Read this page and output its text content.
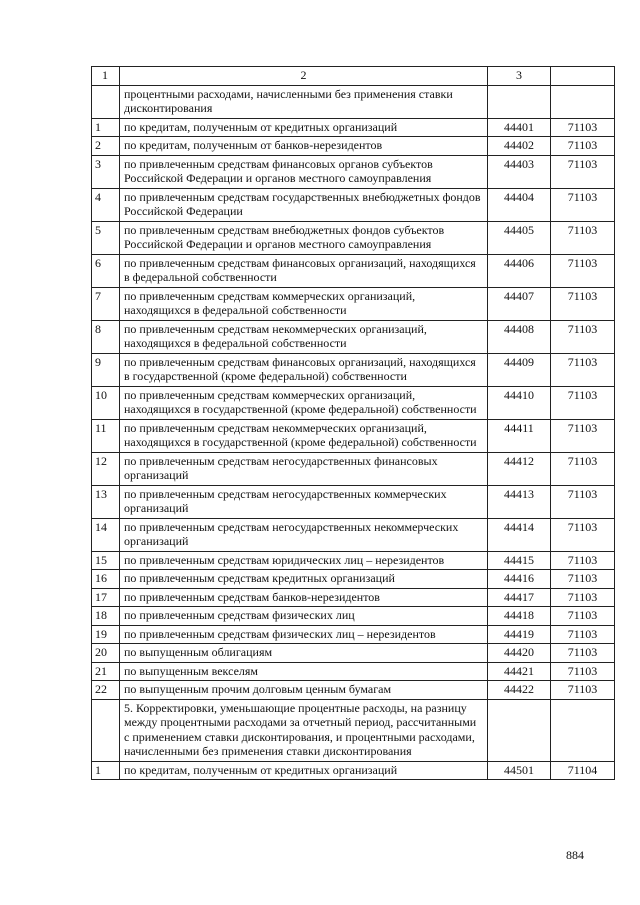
1	2	3	
	процентными расходами, начисленными без применения ставки дисконтирования		
1	по кредитам, полученным от кредитных организаций	44401	71103
2	по кредитам, полученным от банков-нерезидентов	44402	71103
3	по привлеченным средствам финансовых органов субъектов Российской Федерации и органов местного самоуправления	44403	71103
4	по привлеченным средствам государственных внебюджетных фондов Российской Федерации	44404	71103
5	по привлеченным средствам внебюджетных фондов субъектов Российской Федерации и органов местного самоуправления	44405	71103
6	по привлеченным средствам финансовых организаций, находящихся в федеральной собственности	44406	71103
7	по привлеченным средствам коммерческих организаций, находящихся в федеральной собственности	44407	71103
8	по привлеченным средствам некоммерческих организаций, находящихся в федеральной собственности	44408	71103
9	по привлеченным средствам финансовых организаций, находящихся в государственной (кроме федеральной) собственности	44409	71103
10	по привлеченным средствам коммерческих организаций, находящихся в государственной (кроме федеральной) собственности	44410	71103
11	по привлеченным средствам некоммерческих организаций, находящихся в государственной (кроме федеральной) собственности	44411	71103
12	по привлеченным средствам негосударственных финансовых организаций	44412	71103
13	по привлеченным средствам негосударственных коммерческих организаций	44413	71103
14	по привлеченным средствам негосударственных некоммерческих организаций	44414	71103
15	по привлеченным средствам юридических лиц – нерезидентов	44415	71103
16	по привлеченным средствам кредитных организаций	44416	71103
17	по привлеченным средствам банков-нерезидентов	44417	71103
18	по привлеченным средствам физических лиц	44418	71103
19	по привлеченным средствам физических лиц – нерезидентов	44419	71103
20	по выпущенным облигациям	44420	71103
21	по выпущенным векселям	44421	71103
22	по выпущенным прочим долговым ценным бумагам	44422	71103
	5. Корректировки, уменьшающие процентные расходы, на разницу между процентными расходами за отчетный период, рассчитанными с применением ставки дисконтирования, и процентными расходами, начисленными без применения ставки дисконтирования		
1	по кредитам, полученным от кредитных организаций	44501	71104
884
